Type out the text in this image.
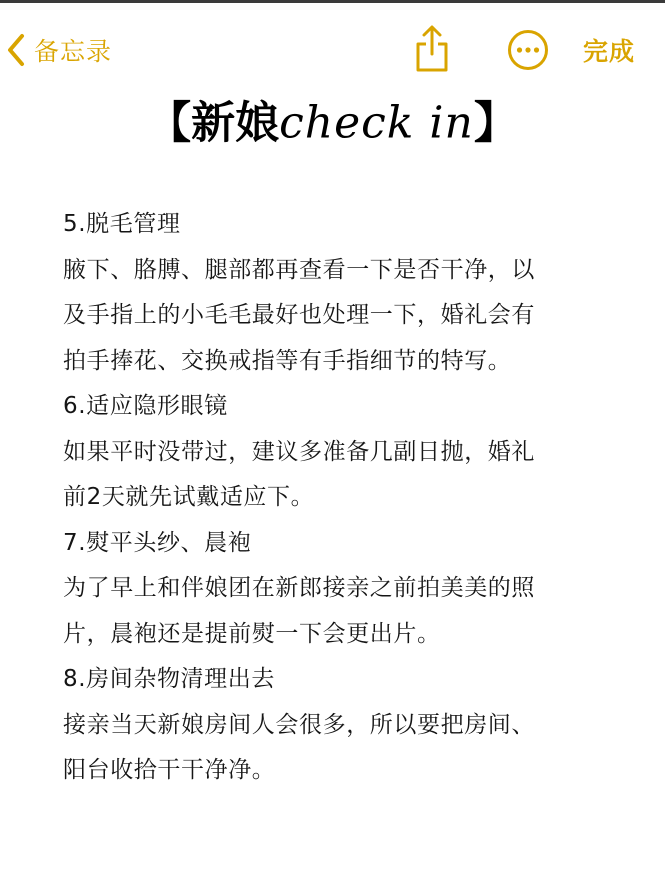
备忘录	完成
【新娘check in】
5.脱毛管理
腋下、胳膊、腿部都再查看一下是否干净，以
及手指上的小毛毛最好也处理一下，婚礼会有
拍手捧花、交换戒指等有手指细节的特写。
6.适应隐形眼镜
如果平时没带过，建议多准备几副日抛，婚礼
前2天就先试戴适应下。
7.熨平头纱、晨袍
为了早上和伴娘团在新郎接亲之前拍美美的照
片，晨袍还是提前熨一下会更出片。
8.房间杂物清理出去
接亲当天新娘房间人会很多，所以要把房间、
阳台收拾干干净净。
